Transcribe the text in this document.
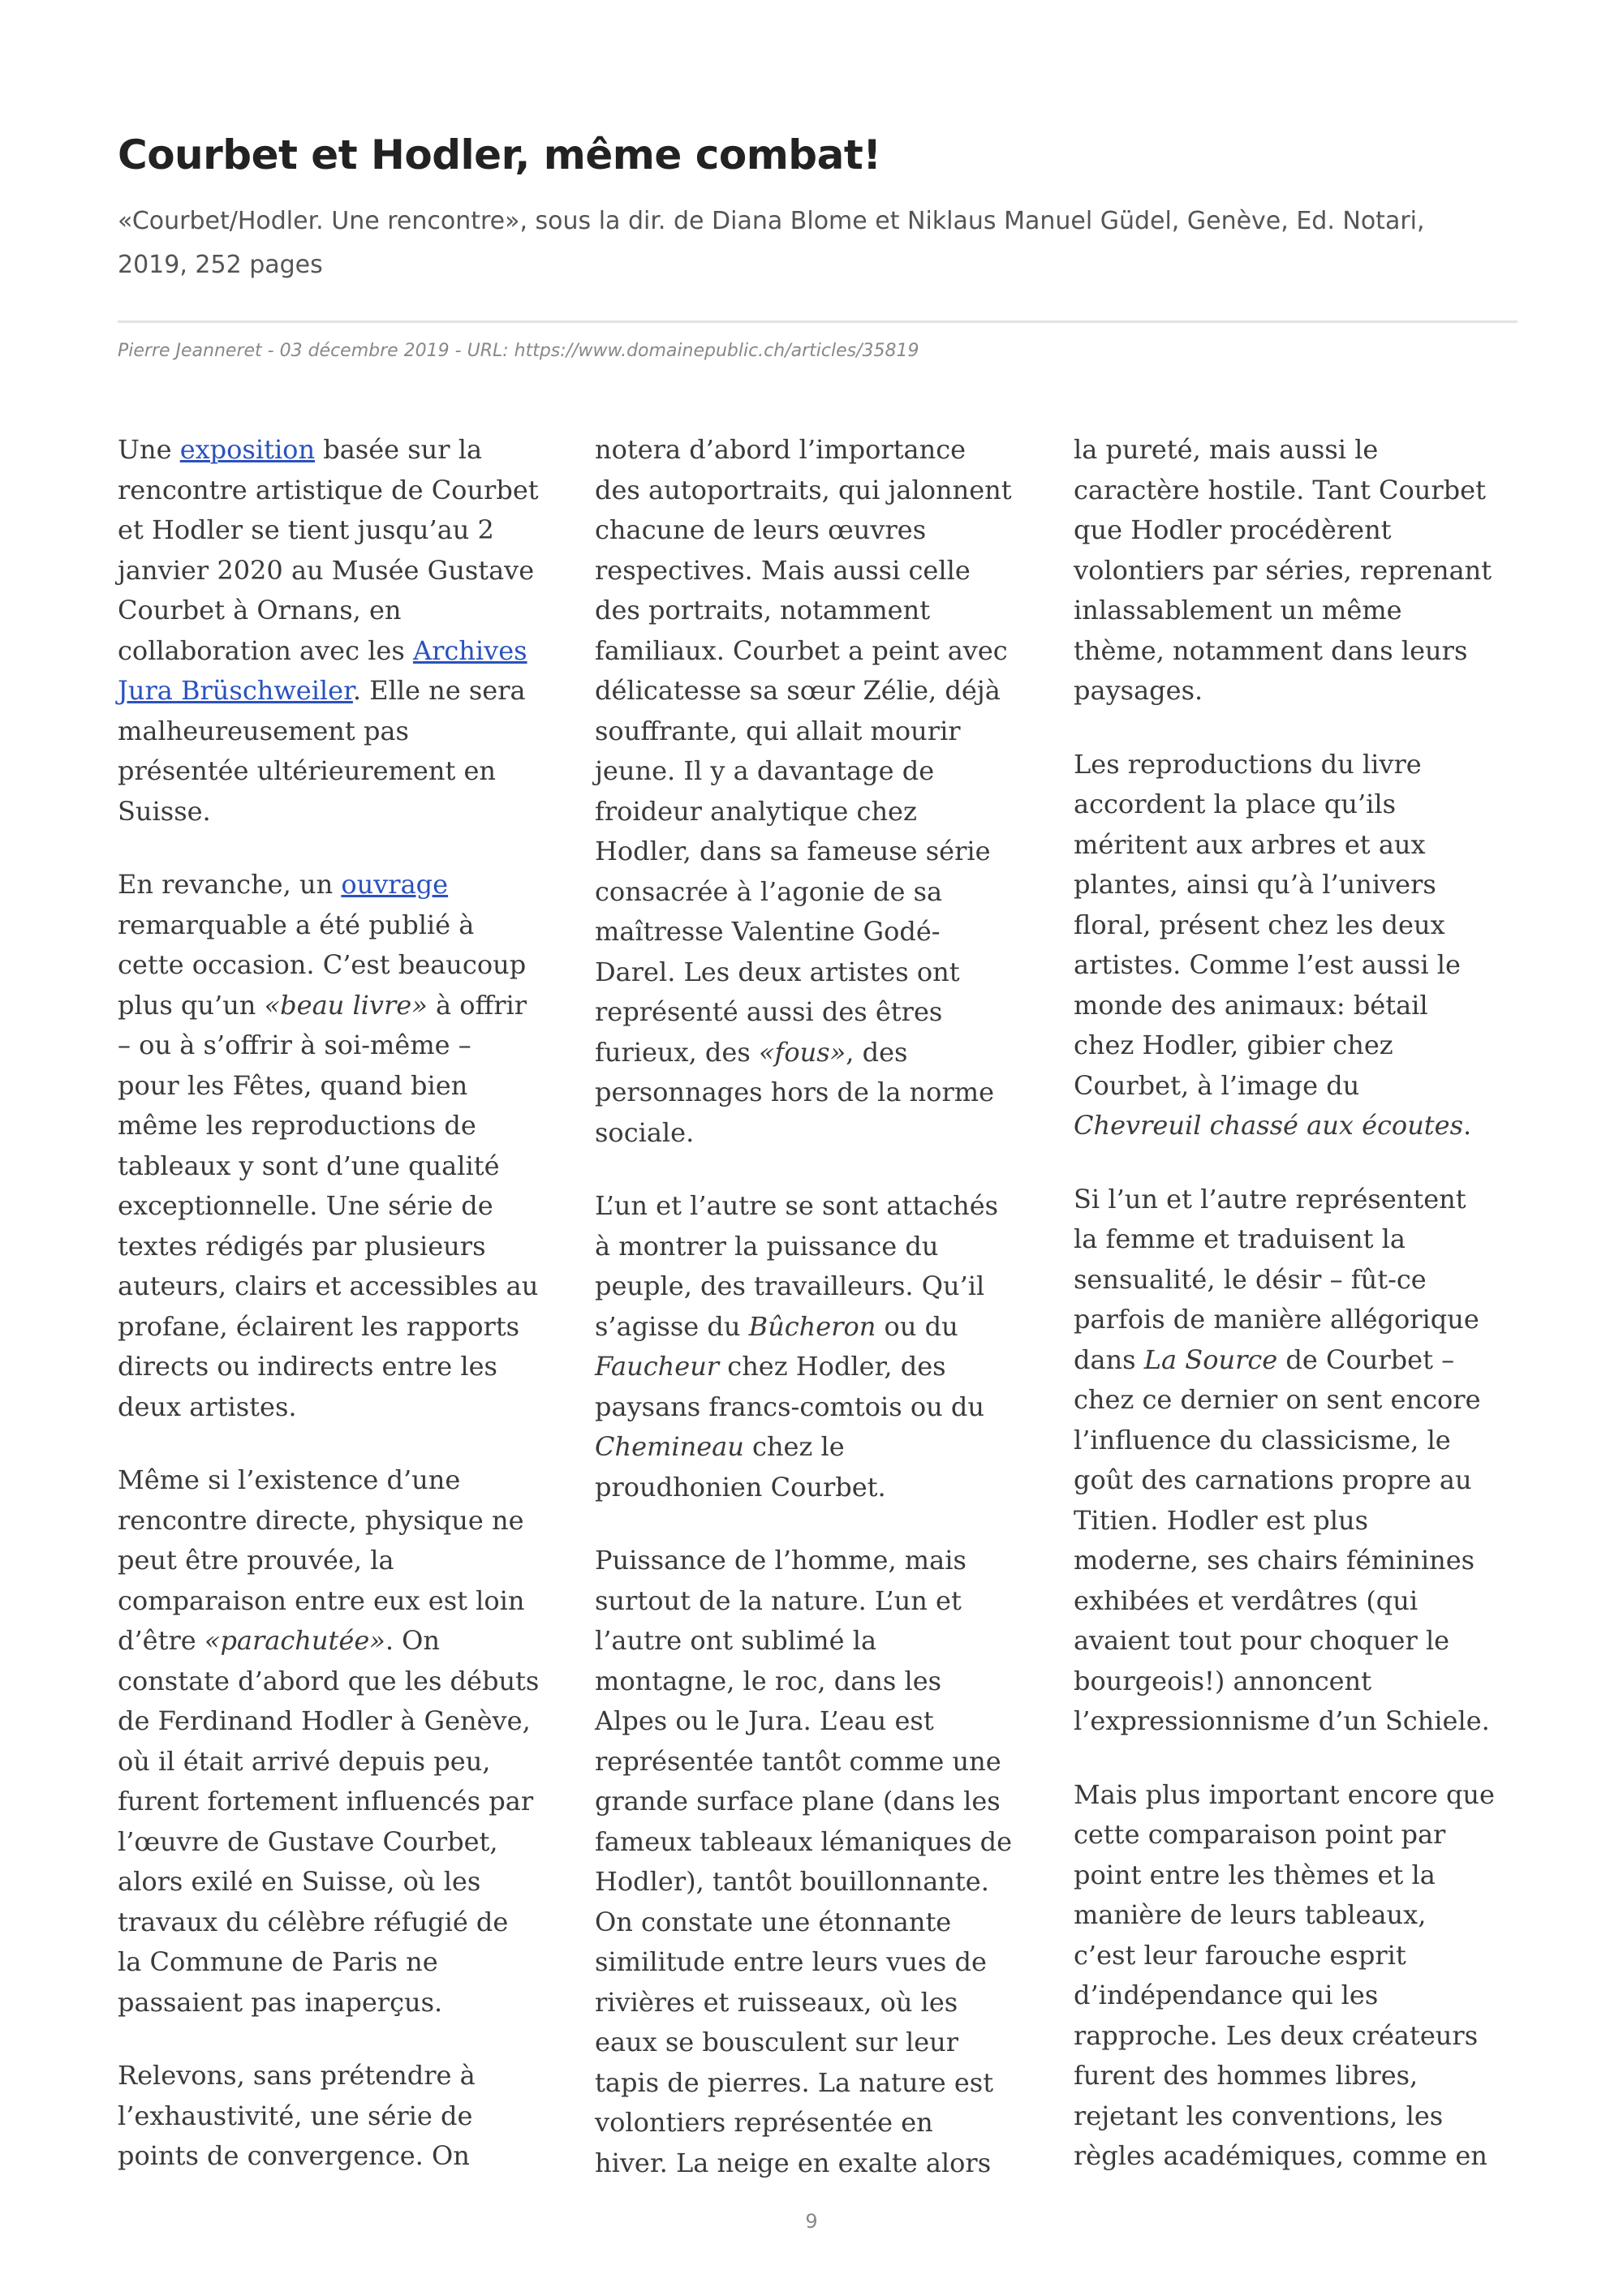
Courbet et Hodler, même combat!

«Courbet/Hodler. Une rencontre», sous la dir. de Diana Blome et Niklaus Manuel Güdel, Genève, Ed. Notari, 2019, 252 pages

Pierre Jeanneret - 03 décembre 2019 - URL: https://www.domainepublic.ch/articles/35819

Une exposition basée sur la
rencontre artistique de Courbet
et Hodler se tient jusqu’au 2
janvier 2020 au Musée Gustave
Courbet à Ornans, en
collaboration avec les Archives
Jura Brüschweiler. Elle ne sera
malheureusement pas
présentée ultérieurement en
Suisse.

En revanche, un ouvrage
remarquable a été publié à
cette occasion. C’est beaucoup
plus qu’un «beau livre» à offrir
– ou à s’offrir à soi-même –
pour les Fêtes, quand bien
même les reproductions de
tableaux y sont d’une qualité
exceptionnelle. Une série de
textes rédigés par plusieurs
auteurs, clairs et accessibles au
profane, éclairent les rapports
directs ou indirects entre les
deux artistes.

Même si l’existence d’une
rencontre directe, physique ne
peut être prouvée, la
comparaison entre eux est loin
d’être «parachutée». On
constate d’abord que les débuts
de Ferdinand Hodler à Genève,
où il était arrivé depuis peu,
furent fortement influencés par
l’œuvre de Gustave Courbet,
alors exilé en Suisse, où les
travaux du célèbre réfugié de
la Commune de Paris ne
passaient pas inaperçus.

Relevons, sans prétendre à
l’exhaustivité, une série de
points de convergence. On

notera d’abord l’importance
des autoportraits, qui jalonnent
chacune de leurs œuvres
respectives. Mais aussi celle
des portraits, notamment
familiaux. Courbet a peint avec
délicatesse sa sœur Zélie, déjà
souffrante, qui allait mourir
jeune. Il y a davantage de
froideur analytique chez
Hodler, dans sa fameuse série
consacrée à l’agonie de sa
maîtresse Valentine Godé-
Darel. Les deux artistes ont
représenté aussi des êtres
furieux, des «fous», des
personnages hors de la norme
sociale.

L’un et l’autre se sont attachés
à montrer la puissance du
peuple, des travailleurs. Qu’il
s’agisse du Bûcheron ou du
Faucheur chez Hodler, des
paysans francs-comtois ou du
Chemineau chez le
proudhonien Courbet.

Puissance de l’homme, mais
surtout de la nature. L’un et
l’autre ont sublimé la
montagne, le roc, dans les
Alpes ou le Jura. L’eau est
représentée tantôt comme une
grande surface plane (dans les
fameux tableaux lémaniques de
Hodler), tantôt bouillonnante.
On constate une étonnante
similitude entre leurs vues de
rivières et ruisseaux, où les
eaux se bousculent sur leur
tapis de pierres. La nature est
volontiers représentée en
hiver. La neige en exalte alors

la pureté, mais aussi le
caractère hostile. Tant Courbet
que Hodler procédèrent
volontiers par séries, reprenant
inlassablement un même
thème, notamment dans leurs
paysages.

Les reproductions du livre
accordent la place qu’ils
méritent aux arbres et aux
plantes, ainsi qu’à l’univers
floral, présent chez les deux
artistes. Comme l’est aussi le
monde des animaux: bétail
chez Hodler, gibier chez
Courbet, à l’image du
Chevreuil chassé aux écoutes.

Si l’un et l’autre représentent
la femme et traduisent la
sensualité, le désir – fût-ce
parfois de manière allégorique
dans La Source de Courbet –
chez ce dernier on sent encore
l’influence du classicisme, le
goût des carnations propre au
Titien. Hodler est plus
moderne, ses chairs féminines
exhibées et verdâtres (qui
avaient tout pour choquer le
bourgeois!) annoncent
l’expressionnisme d’un Schiele.

Mais plus important encore que
cette comparaison point par
point entre les thèmes et la
manière de leurs tableaux,
c’est leur farouche esprit
d’indépendance qui les
rapproche. Les deux créateurs
furent des hommes libres,
rejetant les conventions, les
règles académiques, comme en

9
